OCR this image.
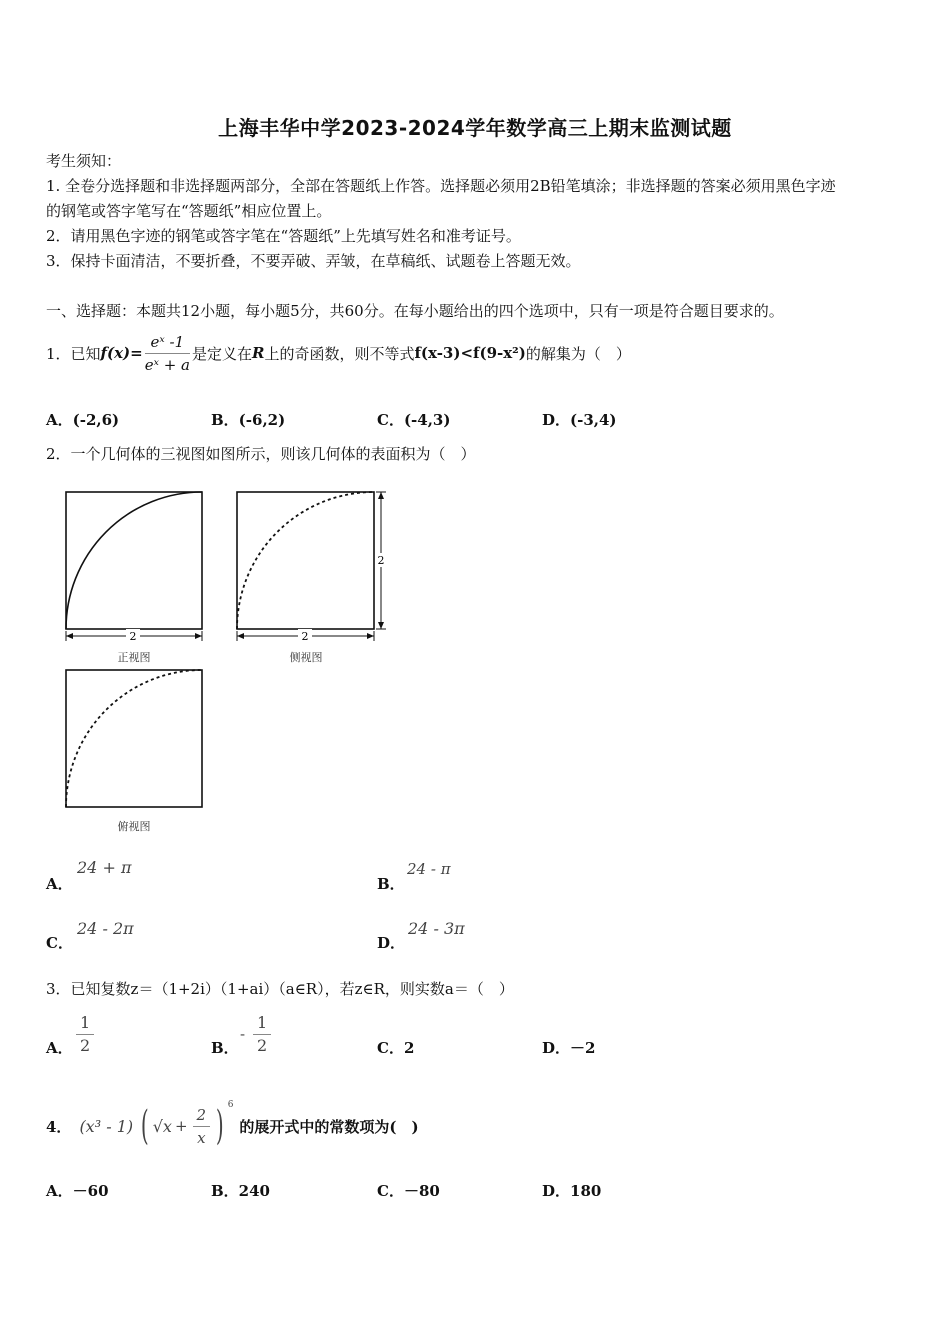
上海丰华中学2023-2024学年数学高三上期末监测试题
考生须知：
1. 全卷分选择题和非选择题两部分，全部在答题纸上作答。选择题必须用2B铅笔填涂；非选择题的答案必须用黑色字迹
的钢笔或答字笔写在“答题纸”相应位置上。
2．请用黑色字迹的钢笔或答字笔在“答题纸”上先填写姓名和准考证号。
3．保持卡面清洁，不要折叠，不要弄破、弄皱，在草稿纸、试题卷上答题无效。
一、选择题：本题共12小题，每小题5分，共60分。在每小题给出的四个选项中，只有一项是符合题目要求的。
1．已知 $f(x)= \frac{\text{eˣ -1}}{\text{eˣ + a}}$ 是定义在 R 上的奇函数，则不等式 f(x-3)<f(9-x²) 的解集为（　）
A．(-2,6)	B．(-6,2)	C．(-4,3)	D．(-3,4)
2．一个几何体的三视图如图所示，则该几何体的表面积为（　）
2
正视图
2
2
侧视图
俯视图
A．
24 + π
B．
24 - π
C．
24 - 2π
D．
24 - 3π
3．已知复数z＝（1+2i）（1+ai）（a∈R），若z∈R，则实数a＝（　）
A． $\frac{1}{2}$	B．
- $\frac{1}{2}$	C．2	D．－2
4． (x³ - 1) ( $√x + \frac{2}{x}$ ) 6
的展开式中的常数项为(　)
A．－60	B．240	C．－80	D．180
